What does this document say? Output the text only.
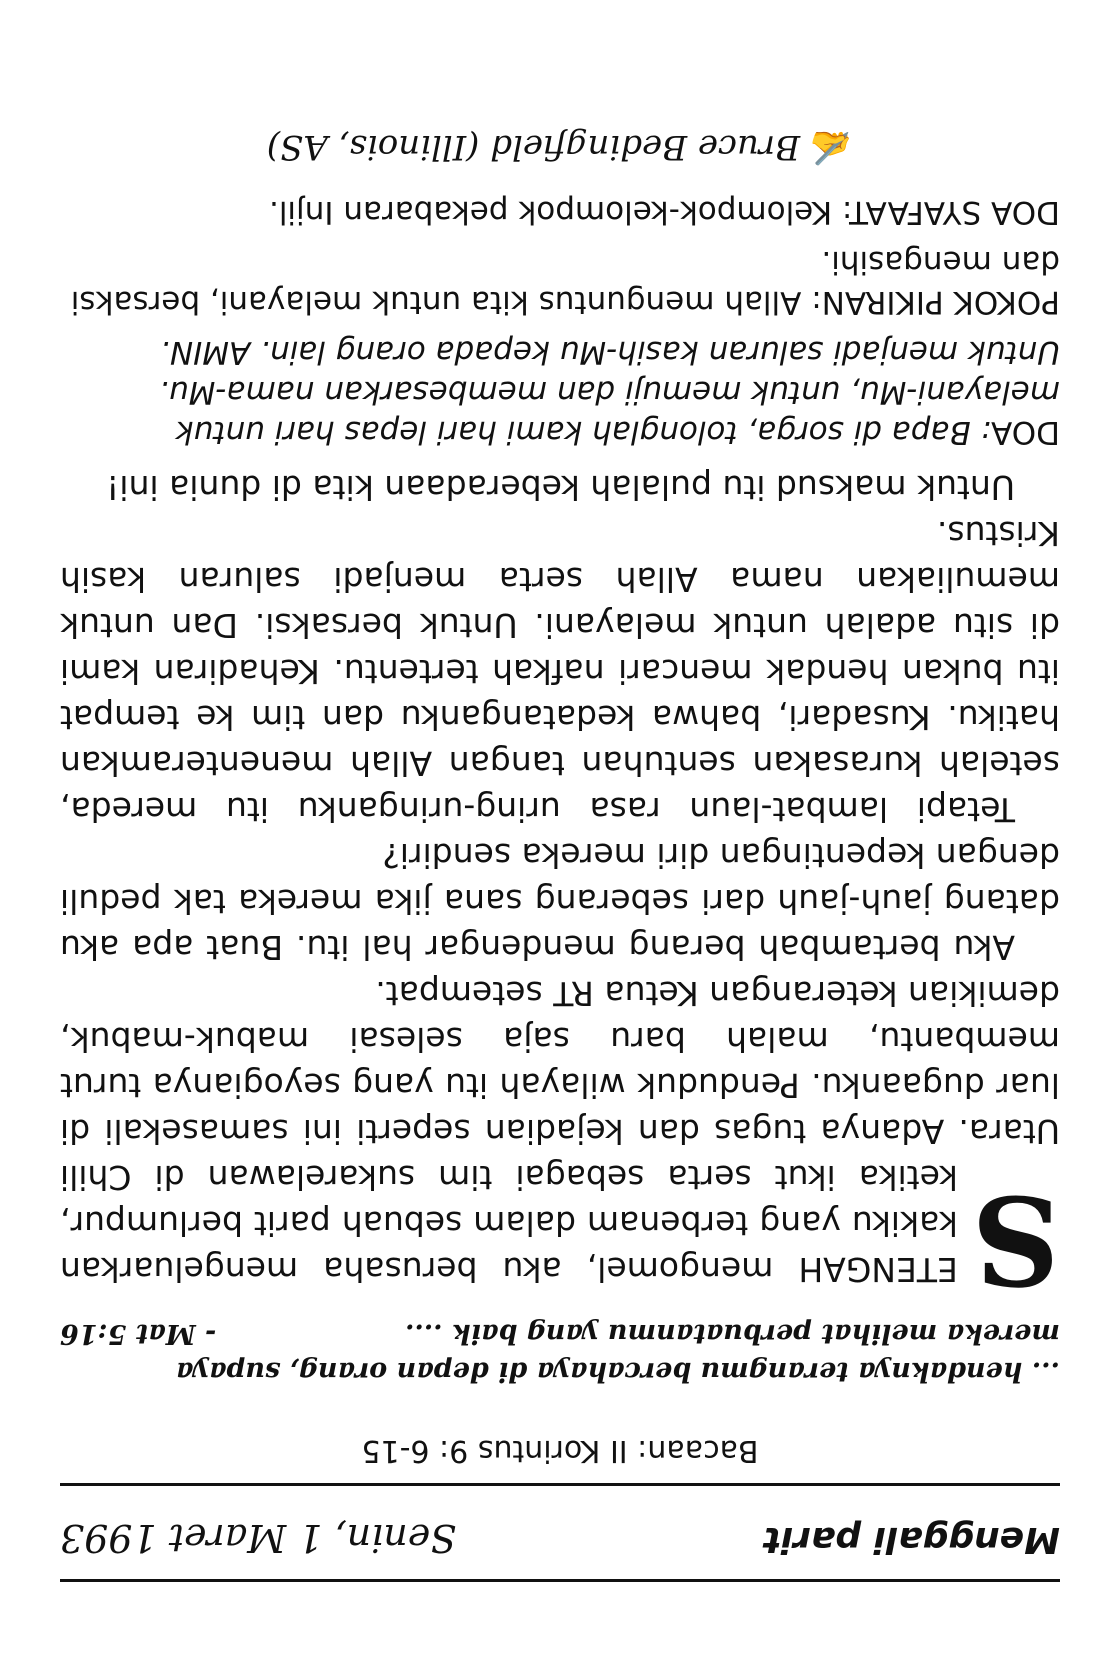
Menggali parit
Senin, 1 Maret 1993
Bacaan: II Korintus 9: 6-15
... hendaknya terangmu bercahaya di depan orang, supaya mereka melihat perbuatanmu yang baik ....
- Mat 5:16

S
ETENGAH mengomel, aku berusaha mengeluarkan kakiku yang terbenam dalam sebuah parit berlumpur, ketika ikut serta sebagai tim sukarelawan di Chili Utara. Adanya tugas dan kejadian seperti ini samasekali di luar dugaanku. Penduduk wilayah itu yang seyogianya turut membantu, malah baru saja selesai mabuk-mabuk, demikian keterangan Ketua RT setempat.

Aku bertambah berang mendengar hal itu. Buat apa aku datang jauh-jauh dari seberang sana jika mereka tak peduli dengan kepentingan diri mereka sendiri?

Tetapi lambat-laun rasa uring-uringanku itu mereda, setelah kurasakan sentuhan tangan Allah menenteramkan hatiku. Kusadari, bahwa kedatanganku dan tim ke tempat itu bukan hendak mencari nafkah tertentu. Kehadiran kami di situ adalah untuk melayani. Untuk bersaksi. Dan untuk memuliakan nama Allah serta menjadi saluran kasih Kristus.

Untuk maksud itu pulalah keberadaan kita di dunia ini!

DOA: Bapa di sorga, tolonglah kami hari lepas hari untuk melayani-Mu, untuk memuji dan membesarkan nama-Mu. Untuk menjadi saluran kasih-Mu kepada orang lain. AMIN.

POKOK PIKIRAN: Allah menguntus kita untuk melayani, bersaksi dan mengasihi.

DOA SYAFAAT: Kelompok-kelompok pekabaran Injil.

✍ Bruce Bedingfield (Illinois, AS)
